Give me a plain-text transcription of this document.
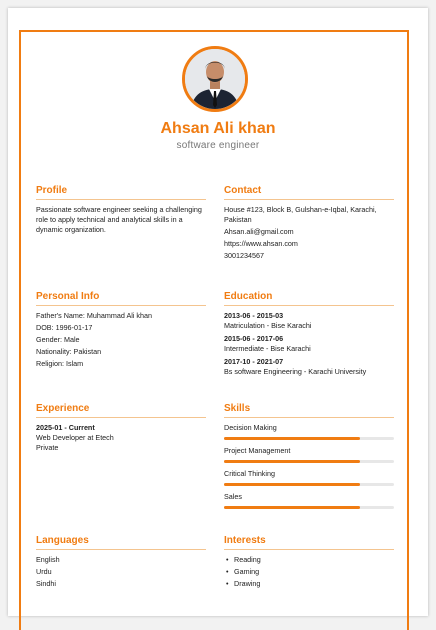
Ahsan Ali khan
software engineer
Profile

Passionate software engineer seeking a challenging role to apply technical and analytical skills in a dynamic organization.

Contact

House #123, Block B, Gulshan-e-Iqbal, Karachi, Pakistan

Ahsan.ali@gmail.com

https://www.ahsan.com

3001234567

Personal Info

Father's Name: Muhammad Ali khan

DOB: 1996-01-17

Gender: Male

Nationality: Pakistan

Religion: Islam

Education
2013-06 - 2015-03
Matriculation - Bise Karachi
2015-06 - 2017-06
Intermediate - Bise Karachi
2017-10 - 2021-07
Bs software Engineering - Karachi University
Experience
2025-01 - Current
Web Developer at Etech
Private
Skills
Decision Making
Project Management
Critical Thinking
Sales
Languages

English

Urdu

Sindhi

Interests
• Reading
• Gaming
• Drawing
